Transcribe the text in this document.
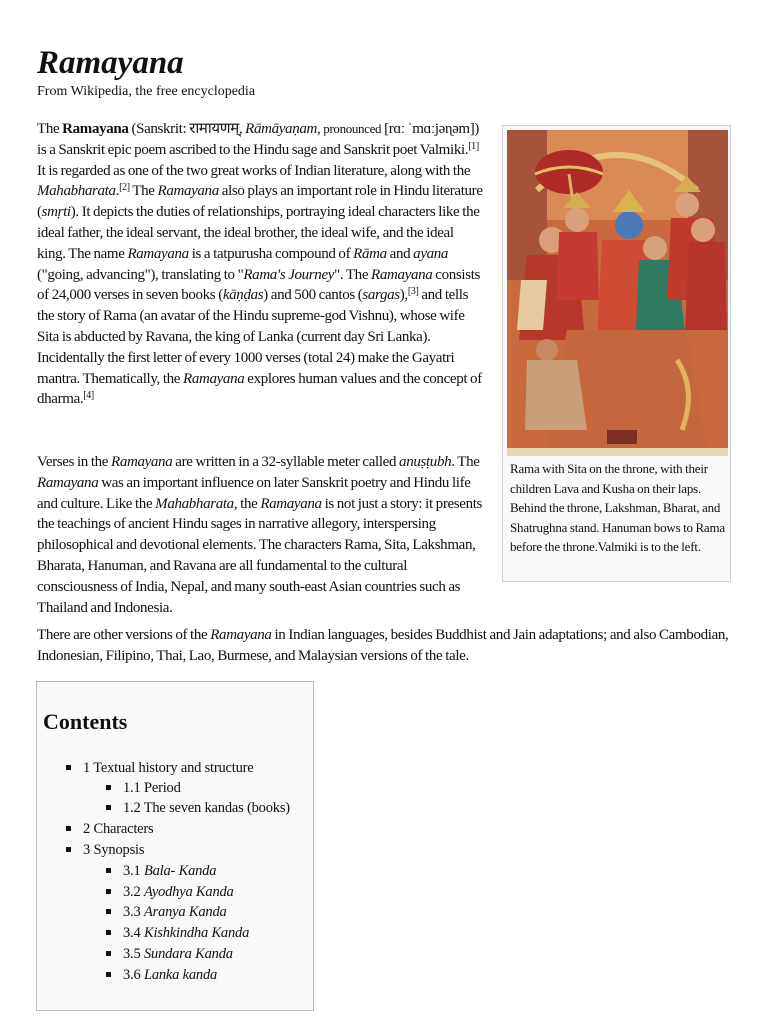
Ramayana
From Wikipedia, the free encyclopedia

The Ramayana (Sanskrit: रामायणम्, Rāmāyaṇam, pronounced [rɑː ˈmɑːjəɳəm]) is a Sanskrit epic poem ascribed to the Hindu sage and Sanskrit poet Valmiki.[1] It is regarded as one of the two great works of Indian literature, along with the Mahabharata.[2] The Ramayana also plays an important role in Hindu literature (smṛti). It depicts the duties of relationships, portraying ideal characters like the ideal father, the ideal servant, the ideal brother, the ideal wife, and the ideal king. The name Ramayana is a tatpurusha compound of Rāma and ayana ("going, advancing"), translating to "Rama's Journey". The Ramayana consists of 24,000 verses in seven books (kāṇḍas) and 500 cantos (sargas),[3] and tells the story of Rama (an avatar of the Hindu supreme-god Vishnu), whose wife Sita is abducted by Ravana, the king of Lanka (current day Sri Lanka). Incidentally the first letter of every 1000 verses (total 24) make the Gayatri mantra. Thematically, the Ramayana explores human values and the concept of dharma.[4]

Verses in the Ramayana are written in a 32-syllable meter called anuṣṭubh. The Ramayana was an important influence on later Sanskrit poetry and Hindu life and culture. Like the Mahabharata, the Ramayana is not just a story: it presents the teachings of ancient Hindu sages in narrative allegory, interspersing philosophical and devotional elements. The characters Rama, Sita, Lakshman, Bharata, Hanuman, and Ravana are all fundamental to the cultural consciousness of India, Nepal, and many south-east Asian countries such as Thailand and Indonesia.

There are other versions of the Ramayana in Indian languages, besides Buddhist and Jain adaptations; and also Cambodian, Indonesian, Filipino, Thai, Lao, Burmese, and Malaysian versions of the tale.

Rama with Sita on the throne, with their children Lava and Kusha on their laps. Behind the throne, Lakshman, Bharat, and Shatrughna stand. Hanuman bows to Rama before the throne.Valmiki is to the left.
Contents
1 Textual history and structure
1.1 Period
1.2 The seven kandas (books)
2 Characters
3 Synopsis
3.1 Bala- Kanda
3.2 Ayodhya Kanda
3.3 Aranya Kanda
3.4 Kishkindha Kanda
3.5 Sundara Kanda
3.6 Lanka kanda
